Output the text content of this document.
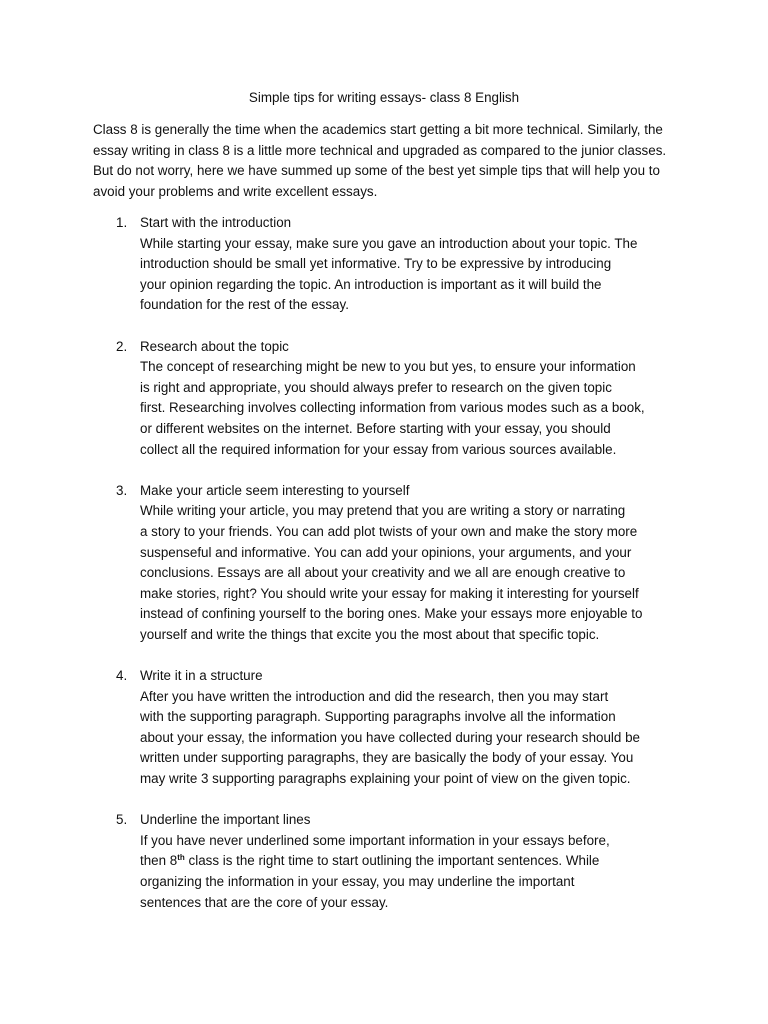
Simple tips for writing essays- class 8 English

Class 8 is generally the time when the academics start getting a bit more technical. Similarly, the essay writing in class 8 is a little more technical and upgraded as compared to the junior classes. But do not worry, here we have summed up some of the best yet simple tips that will help you to avoid your problems and write excellent essays.

1. Start with the introduction
While starting your essay, make sure you gave an introduction about your topic. The
introduction should be small yet informative. Try to be expressive by introducing
your opinion regarding the topic. An introduction is important as it will build the
foundation for the rest of the essay.
2. Research about the topic
The concept of researching might be new to you but yes, to ensure your information
is right and appropriate, you should always prefer to research on the given topic
first. Researching involves collecting information from various modes such as a book,
or different websites on the internet. Before starting with your essay, you should
collect all the required information for your essay from various sources available.
3. Make your article seem interesting to yourself
While writing your article, you may pretend that you are writing a story or narrating
a story to your friends. You can add plot twists of your own and make the story more
suspenseful and informative. You can add your opinions, your arguments, and your
conclusions. Essays are all about your creativity and we all are enough creative to
make stories, right? You should write your essay for making it interesting for yourself
instead of confining yourself to the boring ones. Make your essays more enjoyable to
yourself and write the things that excite you the most about that specific topic.
4. Write it in a structure
After you have written the introduction and did the research, then you may start
with the supporting paragraph. Supporting paragraphs involve all the information
about your essay, the information you have collected during your research should be
written under supporting paragraphs, they are basically the body of your essay. You
may write 3 supporting paragraphs explaining your point of view on the given topic.
5. Underline the important lines
If you have never underlined some important information in your essays before,
then 8th class is the right time to start outlining the important sentences. While
organizing the information in your essay, you may underline the important
sentences that are the core of your essay.
